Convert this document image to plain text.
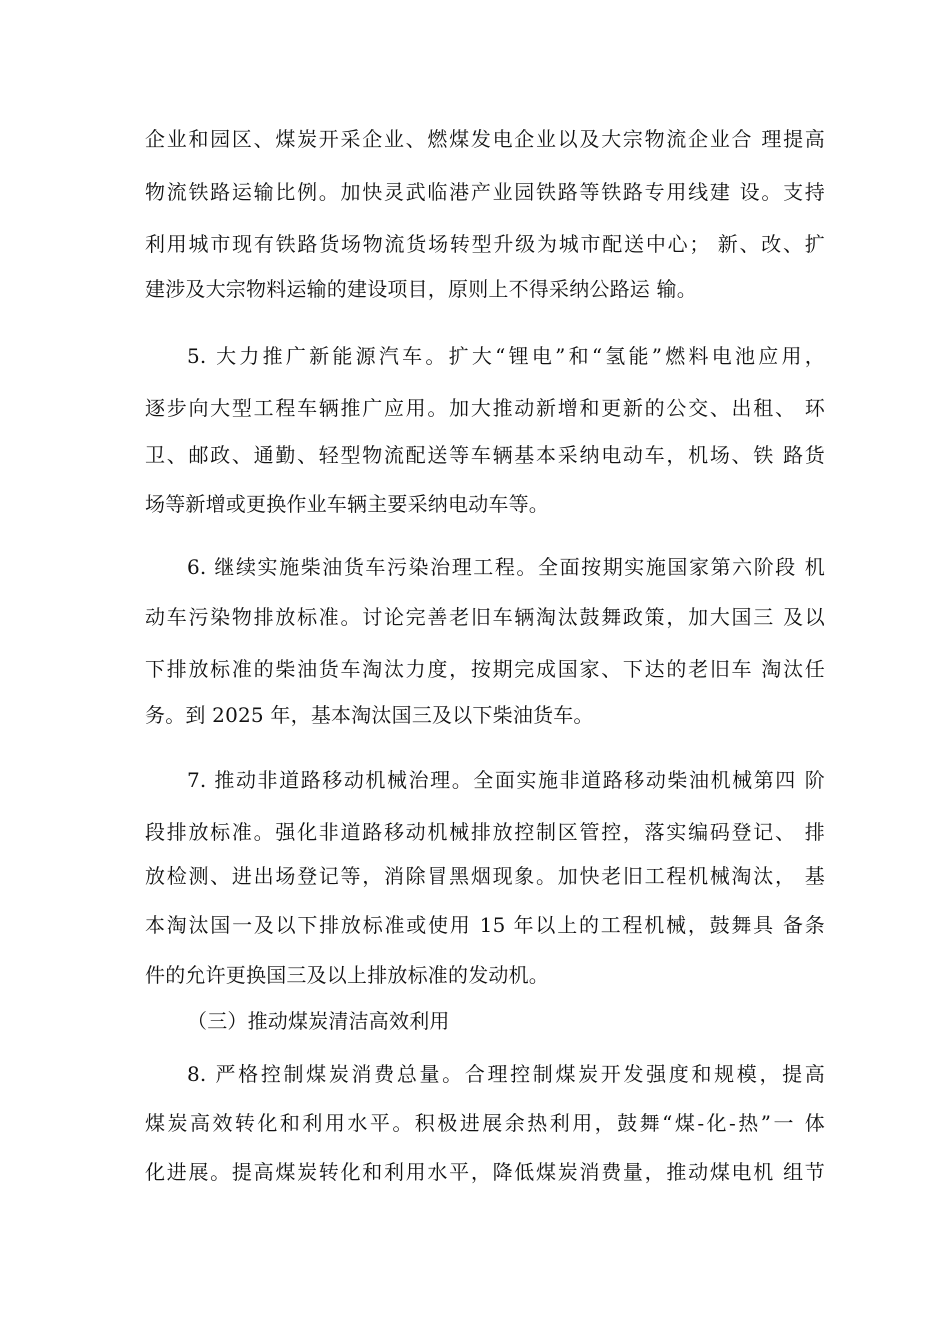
企业和园区、煤炭开采企业、燃煤发电企业以及大宗物流企业合 理提高
物流铁路运输比例。加快灵武临港产业园铁路等铁路专用线建 设。支持
利用城市现有铁路货场物流货场转型升级为城市配送中心； 新、改、扩
建涉及大宗物料运输的建设项目，原则上不得采纳公路运 输。
5. 大力推广新能源汽车。扩大“锂电”和“氢能”燃料电池应用，
逐步向大型工程车辆推广应用。加大推动新增和更新的公交、出租、 环
卫、邮政、通勤、轻型物流配送等车辆基本采纳电动车，机场、铁 路货
场等新增或更换作业车辆主要采纳电动车等。
6. 继续实施柴油货车污染治理工程。全面按期实施国家第六阶段 机
动车污染物排放标准。讨论完善老旧车辆淘汰鼓舞政策，加大国三 及以
下排放标准的柴油货车淘汰力度，按期完成国家、下达的老旧车 淘汰任
务。到 2025 年，基本淘汰国三及以下柴油货车。
7. 推动非道路移动机械治理。全面实施非道路移动柴油机械第四 阶
段排放标准。强化非道路移动机械排放控制区管控，落实编码登记、 排
放检测、进出场登记等，消除冒黑烟现象。加快老旧工程机械淘汰， 基
本淘汰国一及以下排放标准或使用 15 年以上的工程机械，鼓舞具 备条
件的允许更换国三及以上排放标准的发动机。
（三）推动煤炭清洁高效利用
8. 严格控制煤炭消费总量。合理控制煤炭开发强度和规模，提高
煤炭高效转化和利用水平。积极进展余热利用，鼓舞“煤-化-热”一 体
化进展。提高煤炭转化和利用水平，降低煤炭消费量，推动煤电机 组节
